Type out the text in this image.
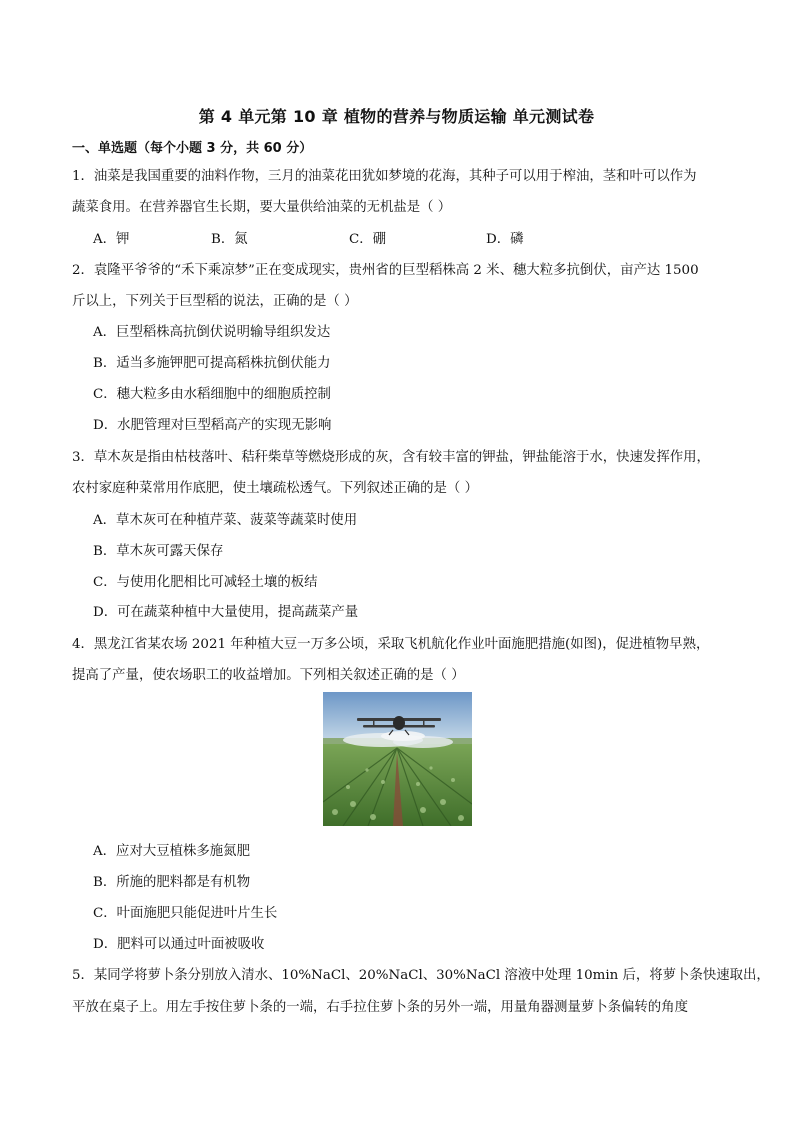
第 4 单元第 10 章 植物的营养与物质运输 单元测试卷
一、单选题（每个小题 3 分，共 60 分）
1．油菜是我国重要的油料作物，三月的油菜花田犹如梦境的花海，其种子可以用于榨油，茎和叶可以作为
蔬菜食用。在营养器官生长期，要大量供给油菜的无机盐是（ ）
A．钾	B．氮	C．硼	D．磷
2．袁隆平爷爷的“禾下乘凉梦”正在变成现实，贵州省的巨型稻株高 2 米、穗大粒多抗倒伏，亩产达 1500
斤以上，下列关于巨型稻的说法，正确的是（ ）
A．巨型稻株高抗倒伏说明输导组织发达
B．适当多施钾肥可提高稻株抗倒伏能力
C．穗大粒多由水稻细胞中的细胞质控制
D．水肥管理对巨型稻高产的实现无影响
3．草木灰是指由枯枝落叶、秸秆柴草等燃烧形成的灰，含有较丰富的钾盐，钾盐能溶于水，快速发挥作用，
农村家庭种菜常用作底肥，使土壤疏松透气。下列叙述正确的是（ ）
A．草木灰可在种植芹菜、菠菜等蔬菜时使用
B．草木灰可露天保存
C．与使用化肥相比可减轻土壤的板结
D．可在蔬菜种植中大量使用，提高蔬菜产量
4．黑龙江省某农场 2021 年种植大豆一万多公顷，采取飞机航化作业叶面施肥措施(如图)，促进植物早熟，
提高了产量，使农场职工的收益增加。下列相关叙述正确的是（ ）
A．应对大豆植株多施氮肥
B．所施的肥料都是有机物
C．叶面施肥只能促进叶片生长
D．肥料可以通过叶面被吸收
5．某同学将萝卜条分别放入清水、10%NaCl、20%NaCl、30%NaCl 溶液中处理 10min 后，将萝卜条快速取出，
平放在桌子上。用左手按住萝卜条的一端，右手拉住萝卜条的另外一端，用量角器测量萝卜条偏转的角度
